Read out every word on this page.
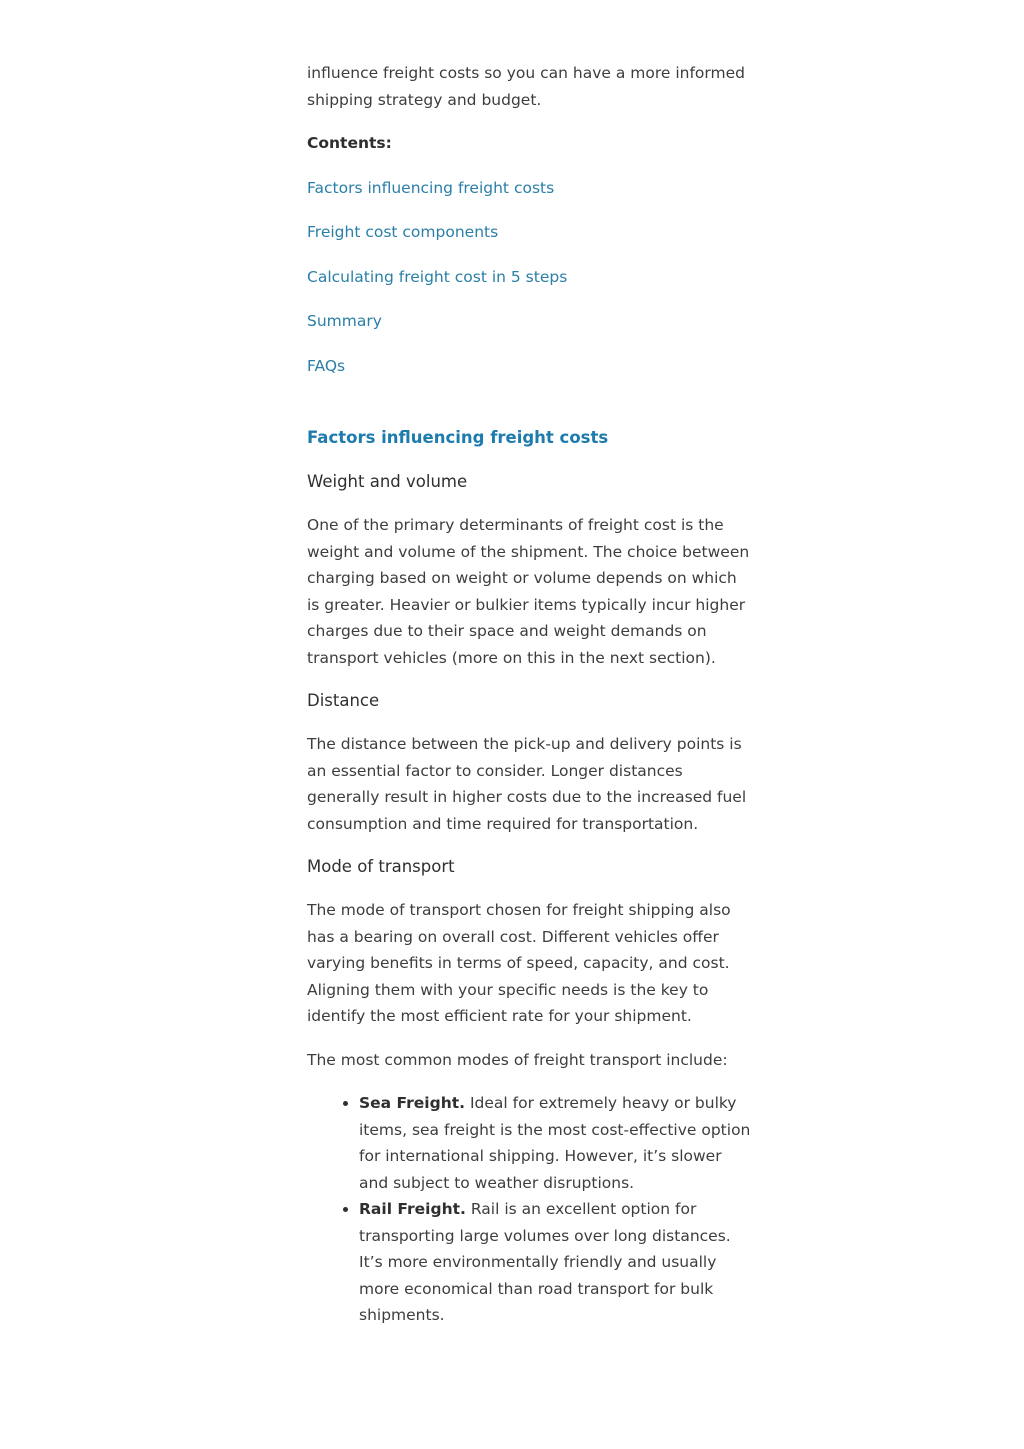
influence freight costs so you can have a more informed shipping strategy and budget.

Contents:

Factors influencing freight costs
Freight cost components
Calculating freight cost in 5 steps
Summary
FAQs
Factors influencing freight costs
Weight and volume

One of the primary determinants of freight cost is the weight and volume of the shipment. The choice between charging based on weight or volume depends on which is greater. Heavier or bulkier items typically incur higher charges due to their space and weight demands on transport vehicles (more on this in the next section).

Distance

The distance between the pick-up and delivery points is an essential factor to consider. Longer distances generally result in higher costs due to the increased fuel consumption and time required for transportation.

Mode of transport

The mode of transport chosen for freight shipping also has a bearing on overall cost. Different vehicles offer varying benefits in terms of speed, capacity, and cost. Aligning them with your specific needs is the key to identify the most efficient rate for your shipment.

The most common modes of freight transport include:

• Sea Freight. Ideal for extremely heavy or bulky items, sea freight is the most cost-effective option for international shipping. However, it’s slower and subject to weather disruptions.
• Rail Freight. Rail is an excellent option for transporting large volumes over long distances. It’s more environmentally friendly and usually more economical than road transport for bulk shipments.
